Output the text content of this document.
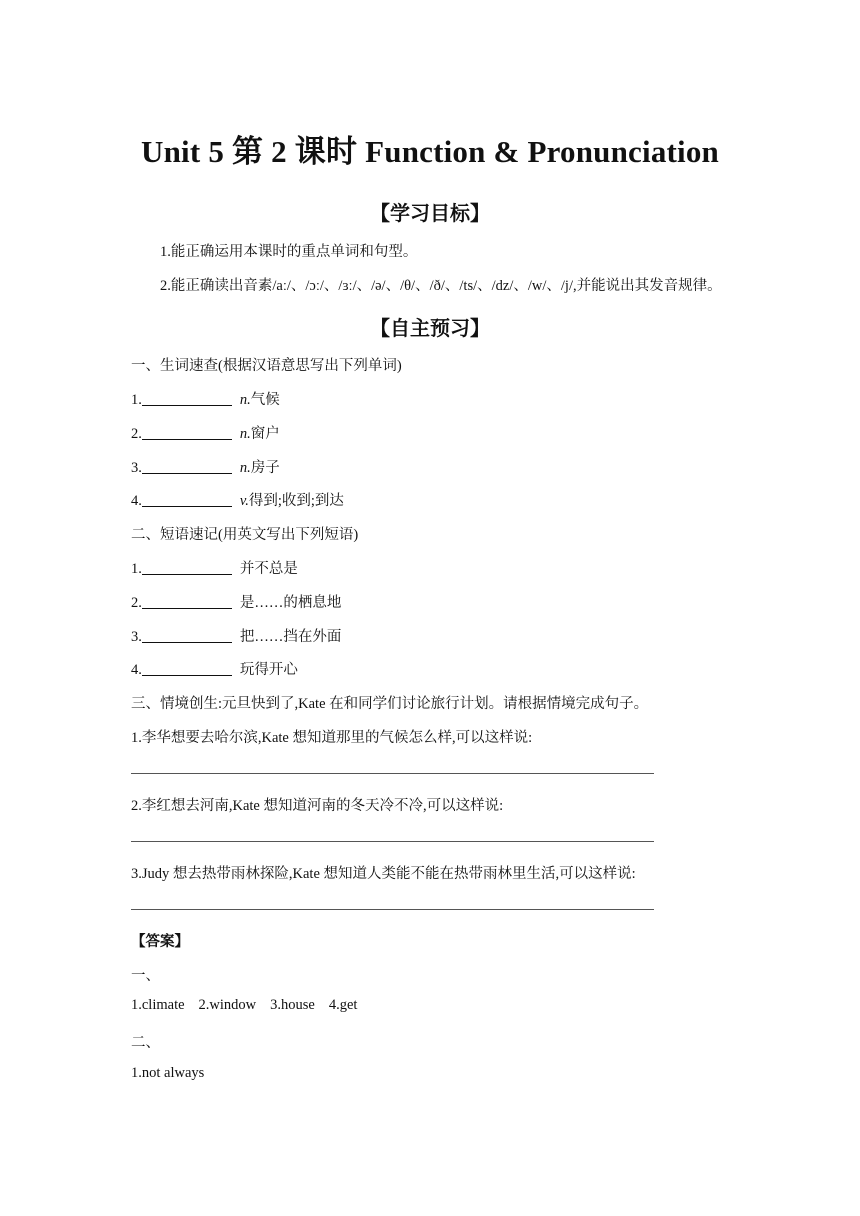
Unit 5 第 2 课时 Function & Pronunciation
【学习目标】
1.能正确运用本课时的重点单词和句型。
2.能正确读出音素/aː/、/ɔː/、/ɜː/、/ə/、/θ/、/ð/、/ts/、/dz/、/w/、/j/,并能说出其发音规律。
【自主预习】
一、生词速查(根据汉语意思写出下列单词)
1.	n.气候
2.	n.窗户
3.	n.房子
4.	v.得到;收到;到达
二、短语速记(用英文写出下列短语)
1.	并不总是
2.	是……的栖息地
3.	把……挡在外面
4.	玩得开心
三、情境创生:元旦快到了,Kate 在和同学们讨论旅行计划。请根据情境完成句子。
1.李华想要去哈尔滨,Kate 想知道那里的气候怎么样,可以这样说:
2.李红想去河南,Kate 想知道河南的冬天冷不冷,可以这样说:
3.Judy 想去热带雨林探险,Kate 想知道人类能不能在热带雨林里生活,可以这样说:
【答案】
一、
1.climate 2.window 3.house 4.get
二、
1.not always
